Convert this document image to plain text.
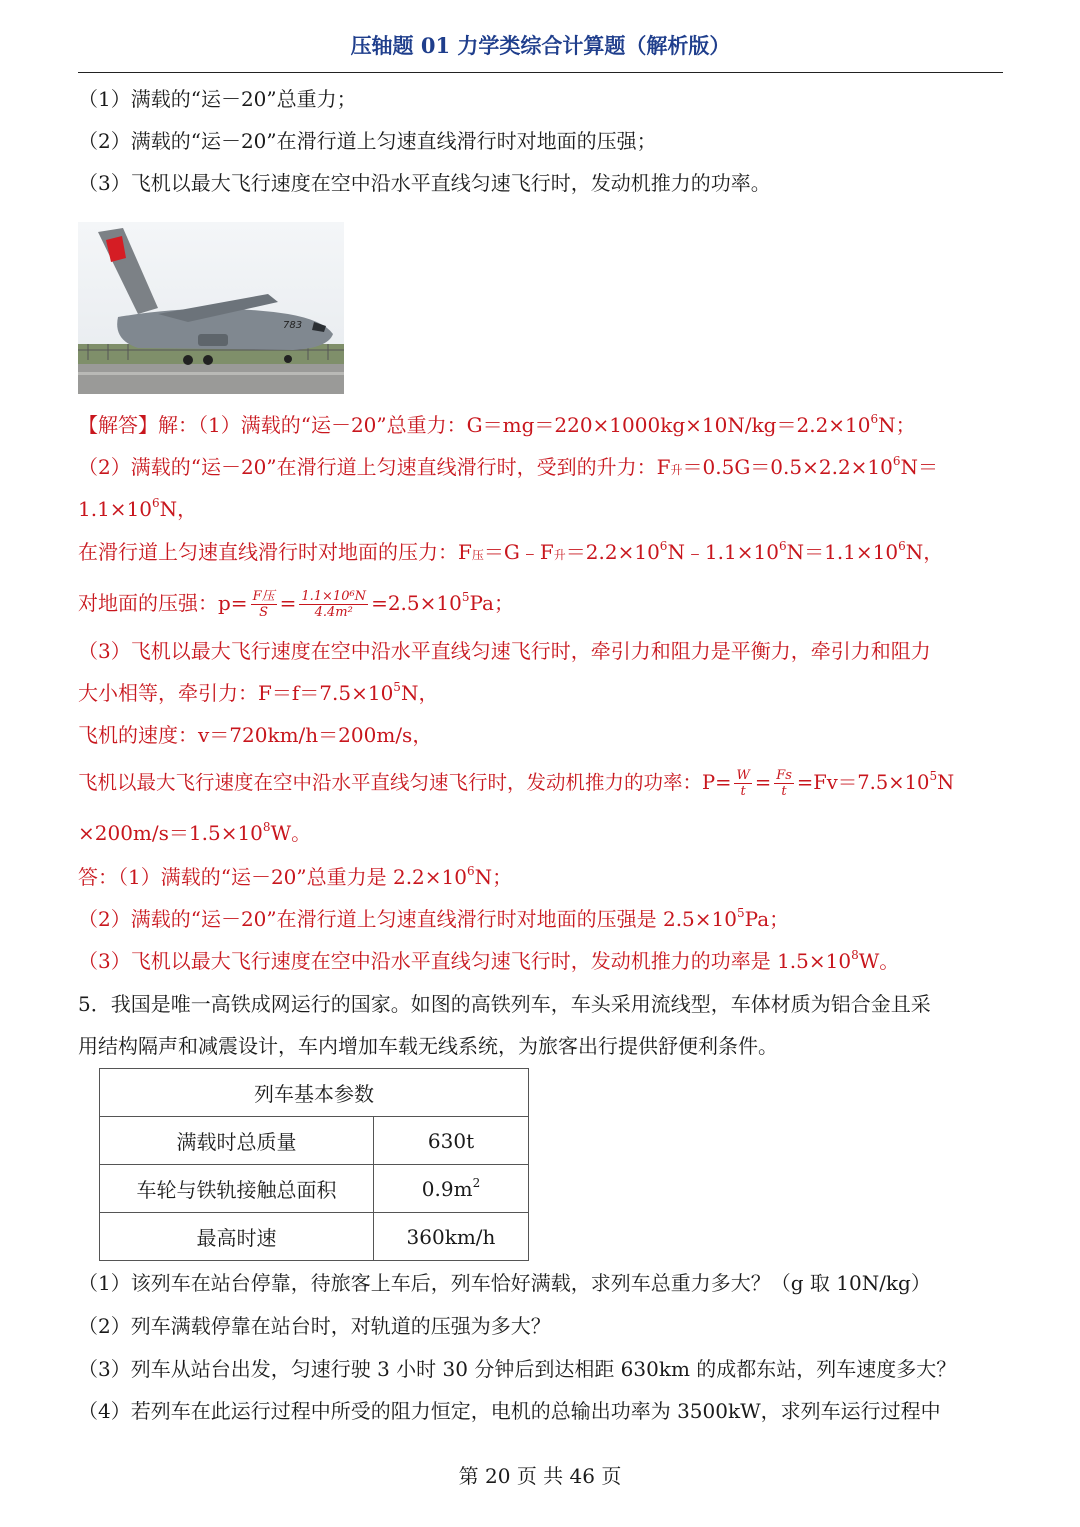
压轴题 01 力学类综合计算题（解析版）
（1）满载的“运－20”总重力；
（2）满载的“运－20”在滑行道上匀速直线滑行时对地面的压强；
（3）飞机以最大飞行速度在空中沿水平直线匀速飞行时，发动机推力的功率。
783
【解答】解：（1）满载的“运－20”总重力：$G=mg=220\times 1000kg\times 10N/kg=2.2\times 10^6N$；
（2）满载的“运－20”在滑行道上匀速直线滑行时，受到的升力：F升$=0.5G=0.5\times 2.2\times 10^6N=$
$1.1\times 10^6N$，
在滑行道上匀速直线滑行时对地面的压力：F压＝G﹣F升$=2.2\times 10^6N﹣1.1\times 10^6N=1.1\times 10^6N$，
对地面的压强：$p= \frac{\text{F压}}{S} = \frac{\text{1.1×10⁶N}}{\text{4.4m²}} =2.5\times 10^5Pa$；
（3）飞机以最大飞行速度在空中沿水平直线匀速飞行时，牵引力和阻力是平衡力，牵引力和阻力
大小相等，牵引力：$F=f=7.5\times 10^5N$，
飞机的速度：v＝720km/h＝200m/s，
飞机以最大飞行速度在空中沿水平直线匀速飞行时，发动机推力的功率：$P= \frac{W}{t} = \frac{Fs}{t} =Fv=7.5\times 10^5N$
$\times 200m/s=1.5\times 10^8W$。
答：（1）满载的“运－20”总重力是 $2.2\times 10^6N$；
（2）满载的“运－20”在滑行道上匀速直线滑行时对地面的压强是 $2.5\times 10^5Pa$；
（3）飞机以最大飞行速度在空中沿水平直线匀速飞行时，发动机推力的功率是 $1.5\times 10^8W$。
5．我国是唯一高铁成网运行的国家。如图的高铁列车，车头采用流线型，车体材质为铝合金且采
用结构隔声和减震设计，车内增加车载无线系统，为旅客出行提供舒便利条件。
列车基本参数	
满载时总质量	630t
车轮与铁轨接触总面积	$0.9m^2$
最高时速	360km/h
（1）该列车在站台停靠，待旅客上车后，列车恰好满载，求列车总重力多大？（g 取 10N/kg）
（2）列车满载停靠在站台时，对轨道的压强为多大？
（3）列车从站台出发，匀速行驶 3 小时 30 分钟后到达相距 630km 的成都东站，列车速度多大？
（4）若列车在此运行过程中所受的阻力恒定，电机的总输出功率为 3500kW，求列车运行过程中
第 20 页 共 46 页
